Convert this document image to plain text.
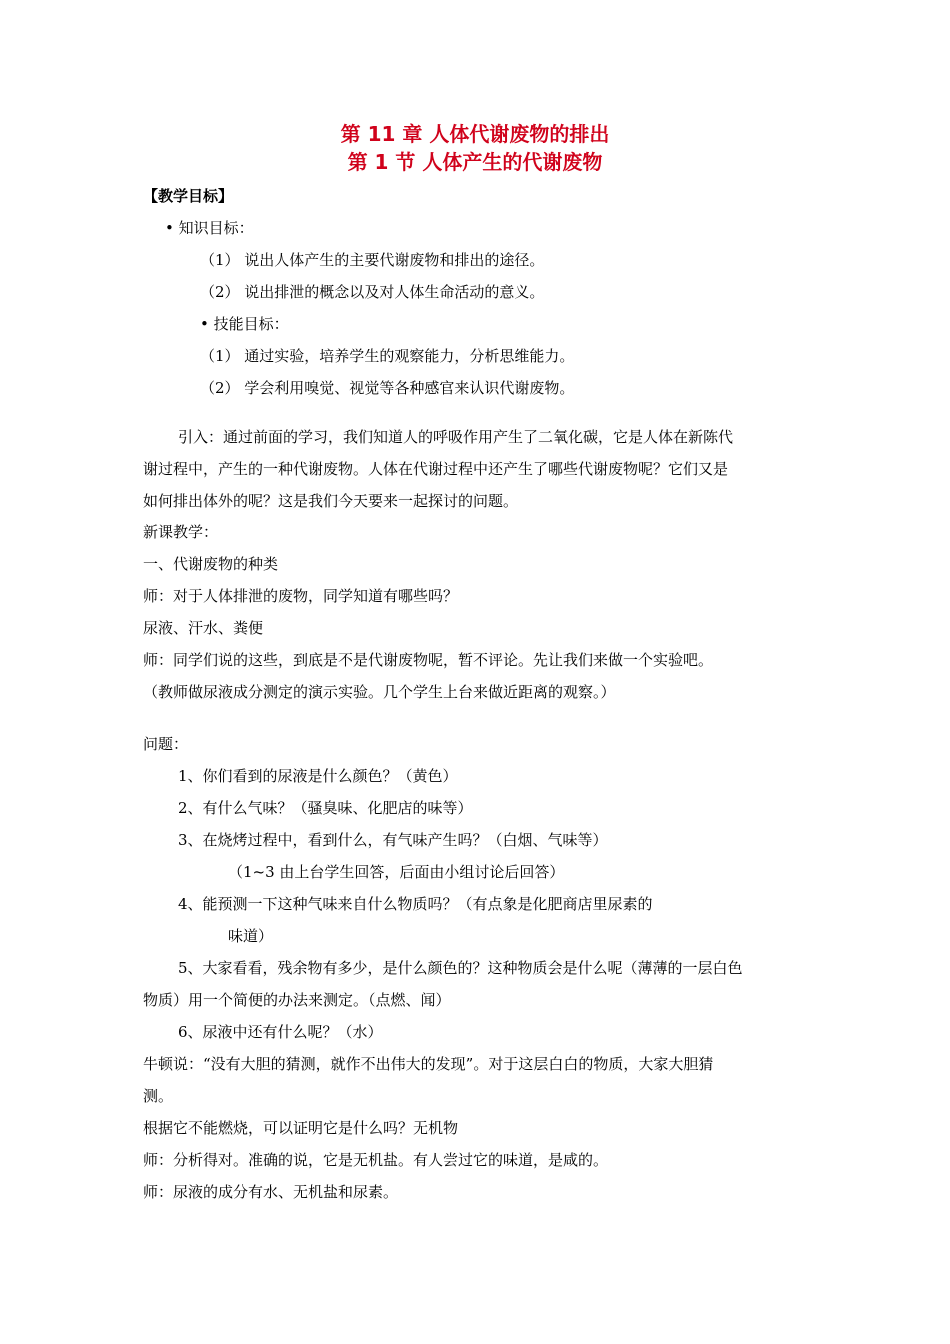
第 11 章 人体代谢废物的排出
第 1 节 人体产生的代谢废物
【教学目标】
• 知识目标：
（1） 说出人体产生的主要代谢废物和排出的途径。
（2） 说出排泄的概念以及对人体生命活动的意义。
• 技能目标：
（1） 通过实验，培养学生的观察能力，分析思维能力。
（2） 学会利用嗅觉、视觉等各种感官来认识代谢废物。
引入：通过前面的学习，我们知道人的呼吸作用产生了二氧化碳，它是人体在新陈代
谢过程中，产生的一种代谢废物。人体在代谢过程中还产生了哪些代谢废物呢？它们又是
如何排出体外的呢？这是我们今天要来一起探讨的问题。
新课教学：
一、代谢废物的种类
师：对于人体排泄的废物，同学知道有哪些吗？
尿液、汗水、粪便
师：同学们说的这些，到底是不是代谢废物呢，暂不评论。先让我们来做一个实验吧。
（教师做尿液成分测定的演示实验。几个学生上台来做近距离的观察。）
问题：
1、你们看到的尿液是什么颜色？（黄色）
2、有什么气味？（骚臭味、化肥店的味等）
3、在烧烤过程中，看到什么，有气味产生吗？（白烟、气味等）
（1~3 由上台学生回答，后面由小组讨论后回答）
4、能预测一下这种气味来自什么物质吗？（有点象是化肥商店里尿素的
味道）
5、大家看看，残余物有多少，是什么颜色的？这种物质会是什么呢（薄薄的一层白色
物质）用一个简便的办法来测定。（点燃、闻）
6、尿液中还有什么呢？（水）
牛顿说：“没有大胆的猜测，就作不出伟大的发现”。对于这层白白的物质，大家大胆猜
测。
根据它不能燃烧，可以证明它是什么吗？无机物
师：分析得对。准确的说，它是无机盐。有人尝过它的味道，是咸的。
师：尿液的成分有水、无机盐和尿素。
